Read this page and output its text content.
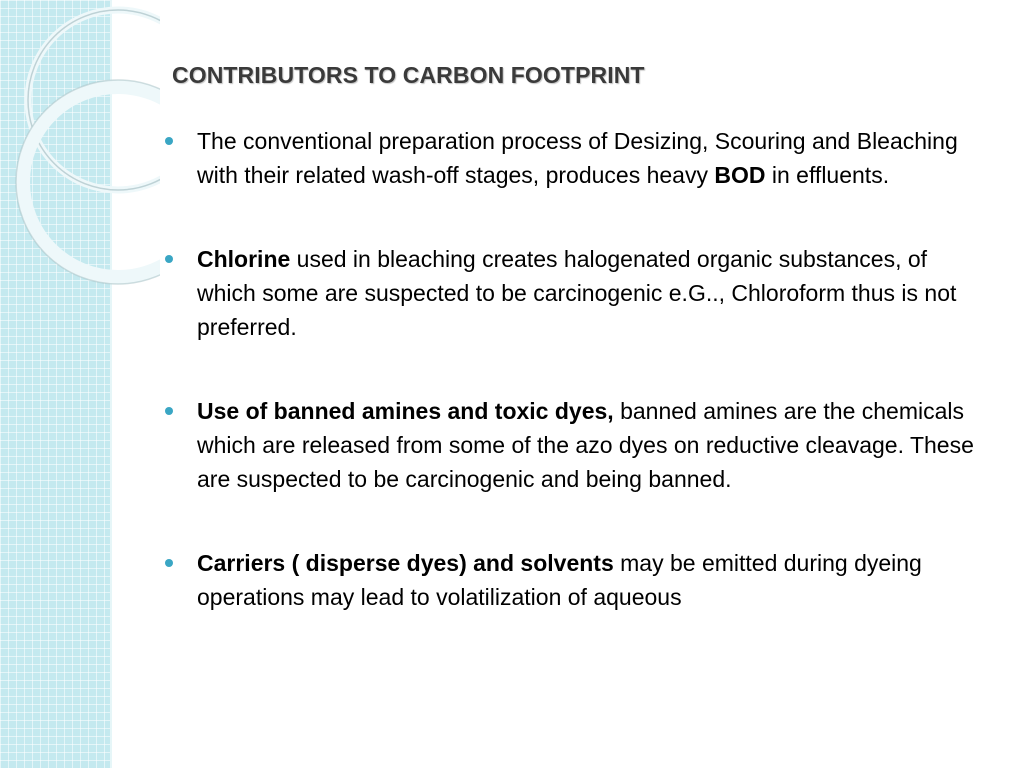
CONTRIBUTORS TO CARBON FOOTPRINT
The conventional preparation process of Desizing, Scouring and Bleaching with their related wash-off stages, produces heavy BOD in effluents.
Chlorine used in bleaching creates halogenated organic substances, of which some are suspected to be carcinogenic e.G.., Chloroform thus is not preferred.
Use of banned amines and toxic dyes, banned amines are the chemicals which are released from some of the azo dyes on reductive cleavage. These are suspected to be carcinogenic and being banned.
Carriers ( disperse dyes) and solvents may be emitted during dyeing operations may lead to volatilization of aqueous
